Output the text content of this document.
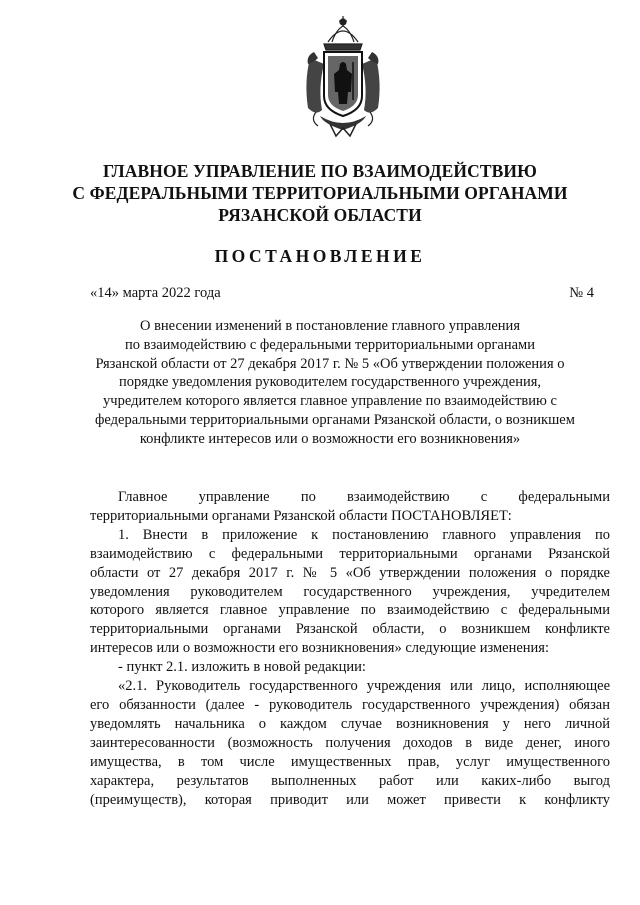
ГЛАВНОЕ УПРАВЛЕНИЕ ПО ВЗАИМОДЕЙСТВИЮ
С ФЕДЕРАЛЬНЫМИ ТЕРРИТОРИАЛЬНЫМИ ОРГАНАМИ
РЯЗАНСКОЙ ОБЛАСТИ
ПОСТАНОВЛЕНИЕ
«14» марта 2022 года	№ 4
О внесении изменений в постановление главного управления
по взаимодействию с федеральными территориальными органами
Рязанской области от 27 декабря 2017 г. № 5 «Об утверждении положения о
порядке уведомления руководителем государственного учреждения,
учредителем которого является главное управление по взаимодействию с
федеральными территориальными органами Рязанской области, о возникшем
конфликте интересов или о возможности его возникновения»
Главное управление по взаимодействию с федеральными
территориальными органами Рязанской области ПОСТАНОВЛЯЕТ:
1. Внести в приложение к постановлению главного управления по
взаимодействию с федеральными территориальными органами Рязанской
области от 27 декабря 2017 г. № 5 «Об утверждении положения о порядке
уведомления руководителем государственного учреждения, учредителем
которого является главное управление по взаимодействию с федеральными
территориальными органами Рязанской области, о возникшем конфликте
интересов или о возможности его возникновения» следующие изменения:
- пункт 2.1. изложить в новой редакции:
«2.1. Руководитель государственного учреждения или лицо, исполняющее
его обязанности (далее - руководитель государственного учреждения) обязан
уведомлять начальника о каждом случае возникновения у него личной
заинтересованности (возможность получения доходов в виде денег, иного
имущества, в том числе имущественных прав, услуг имущественного
характера, результатов выполненных работ или каких-либо выгод
(преимуществ), которая приводит или может привести к конфликту
